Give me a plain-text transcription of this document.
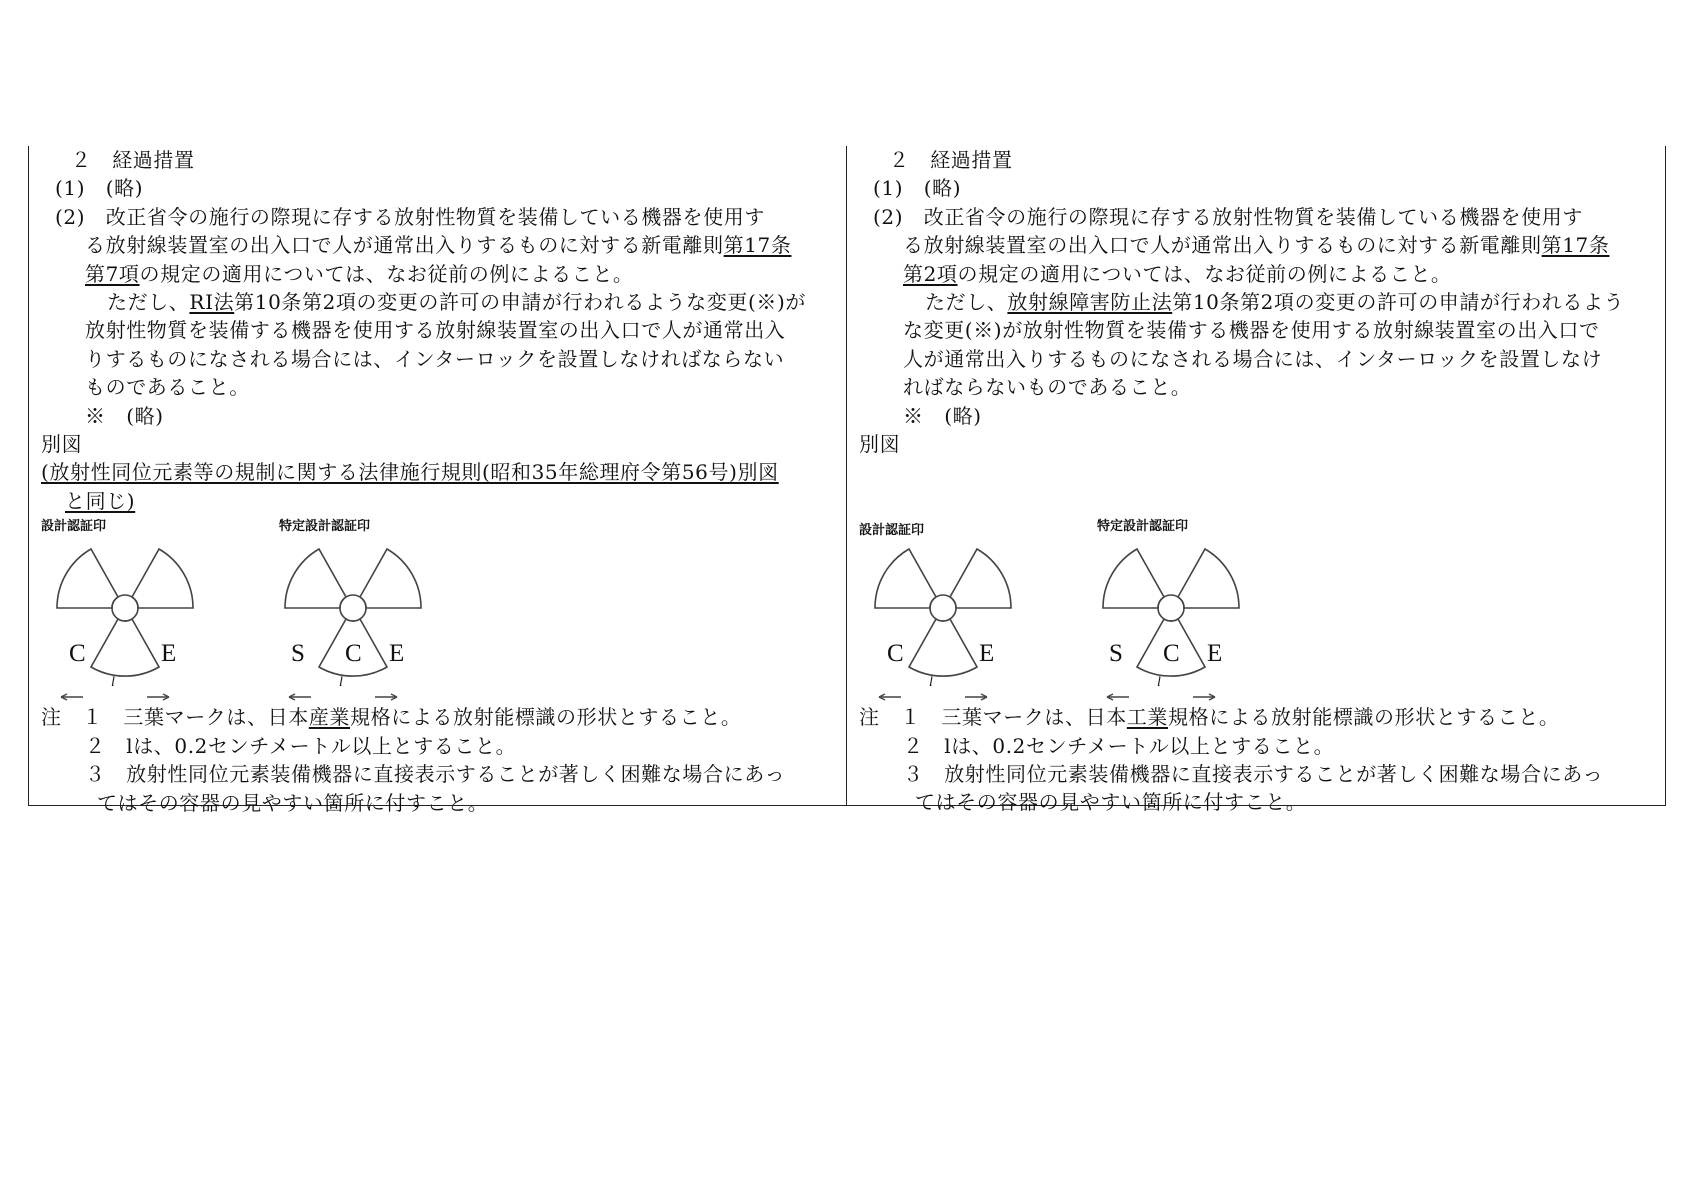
２　経過措置
(1)　(略)
(2)　改正省令の施行の際現に存する放射性物質を装備している機器を使用す
る放射線装置室の出入口で人が通常出入りするものに対する新電離則第17条
第7項の規定の適用については、なお従前の例によること。
ただし、RI法第10条第2項の変更の許可の申請が行われるような変更(※)が
放射性物質を装備する機器を使用する放射線装置室の出入口で人が通常出入
りするものになされる場合には、インターロックを設置しなければならない
ものであること。
※　(略)
別図
(放射性同位元素等の規制に関する法律施行規則(昭和35年総理府令第56号)別図
と同じ)
設計認証印
C	E
l
特定設計認証印
S C E
l
注　１　三葉マークは、日本産業規格による放射能標識の形状とすること。
２　lは、0.2センチメートル以上とすること。
３　放射性同位元素装備機器に直接表示することが著しく困難な場合にあっ
てはその容器の見やすい箇所に付すこと。
２　経過措置
(1)　(略)
(2)　改正省令の施行の際現に存する放射性物質を装備している機器を使用す
る放射線装置室の出入口で人が通常出入りするものに対する新電離則第17条
第2項の規定の適用については、なお従前の例によること。
ただし、放射線障害防止法第10条第2項の変更の許可の申請が行われるよう
な変更(※)が放射性物質を装備する機器を使用する放射線装置室の出入口で
人が通常出入りするものになされる場合には、インターロックを設置しなけ
ればならないものであること。
※　(略)
別図
設計認証印
C	E
l
特定設計認証印
S C E
l
注　１　三葉マークは、日本工業規格による放射能標識の形状とすること。
２　lは、0.2センチメートル以上とすること。
３　放射性同位元素装備機器に直接表示することが著しく困難な場合にあっ
てはその容器の見やすい箇所に付すこと。
